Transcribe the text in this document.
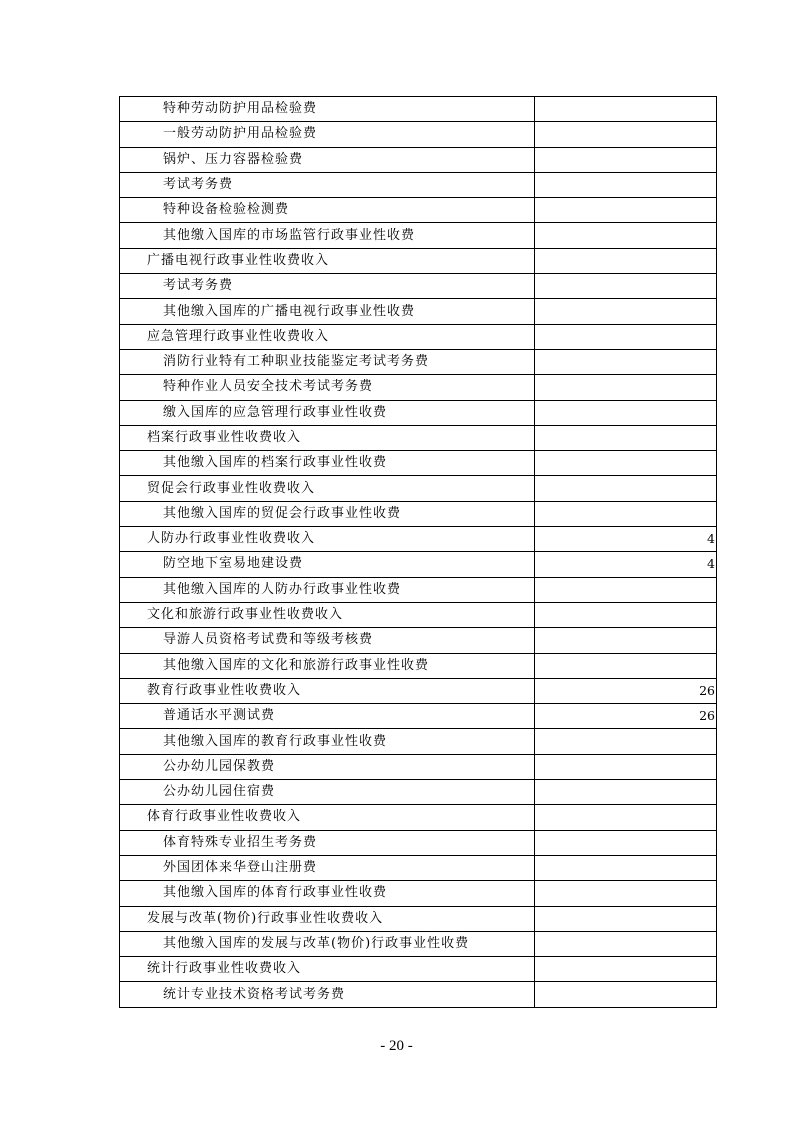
特种劳动防护用品检验费	
一般劳动防护用品检验费	
锅炉、压力容器检验费	
考试考务费	
特种设备检验检测费	
其他缴入国库的市场监管行政事业性收费	
广播电视行政事业性收费收入	
考试考务费	
其他缴入国库的广播电视行政事业性收费	
应急管理行政事业性收费收入	
消防行业特有工种职业技能鉴定考试考务费	
特种作业人员安全技术考试考务费	
缴入国库的应急管理行政事业性收费	
档案行政事业性收费收入	
其他缴入国库的档案行政事业性收费	
贸促会行政事业性收费收入	
其他缴入国库的贸促会行政事业性收费	
人防办行政事业性收费收入	4
防空地下室易地建设费	4
其他缴入国库的人防办行政事业性收费	
文化和旅游行政事业性收费收入	
导游人员资格考试费和等级考核费	
其他缴入国库的文化和旅游行政事业性收费	
教育行政事业性收费收入	26
普通话水平测试费	26
其他缴入国库的教育行政事业性收费	
公办幼儿园保教费	
公办幼儿园住宿费	
体育行政事业性收费收入	
体育特殊专业招生考务费	
外国团体来华登山注册费	
其他缴入国库的体育行政事业性收费	
发展与改革(物价)行政事业性收费收入	
其他缴入国库的发展与改革(物价)行政事业性收费	
统计行政事业性收费收入	
统计专业技术资格考试考务费	
- 20 -
